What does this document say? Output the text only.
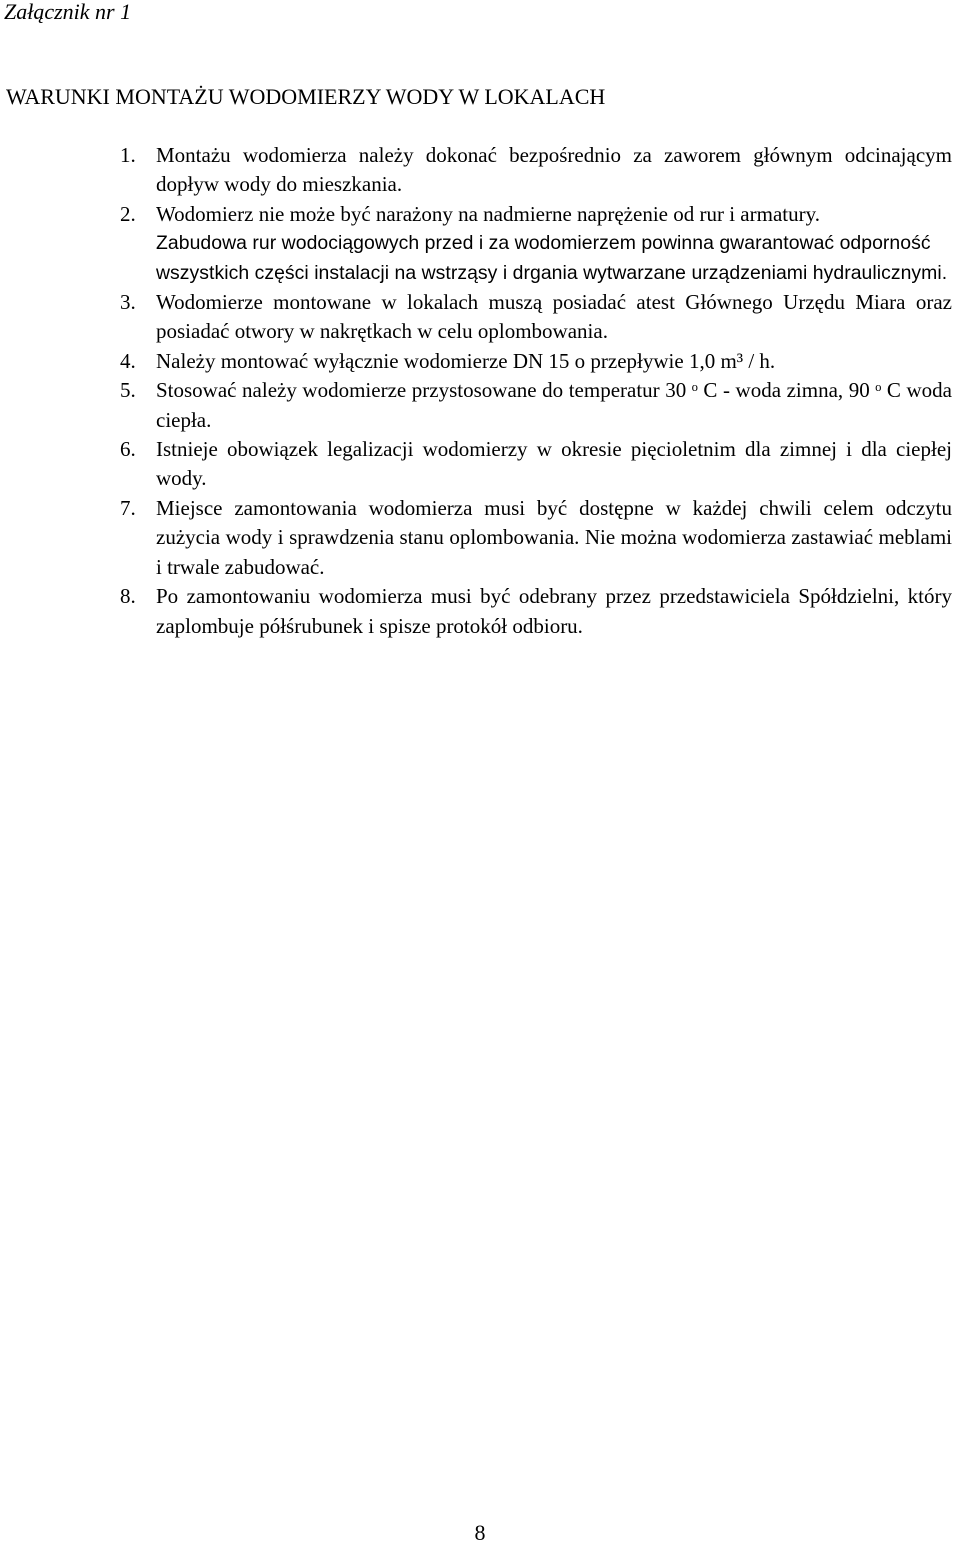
Załącznik nr 1
WARUNKI MONTAŻU WODOMIERZY WODY W LOKALACH
1. Montażu wodomierza należy dokonać bezpośrednio za zaworem głównym odcinającym dopływ wody do mieszkania.
2. Wodomierz nie może być narażony na nadmierne naprężenie od rur i armatury.
Zabudowa rur wodociągowych przed i za wodomierzem powinna gwarantować odporność wszystkich części instalacji na wstrząsy i drgania wytwarzane urządzeniami hydraulicznymi.
3. Wodomierze montowane w lokalach muszą posiadać atest Głównego Urzędu Miara oraz posiadać otwory w nakrętkach w celu oplombowania.
4. Należy montować wyłącznie wodomierze DN 15 o przepływie 1,0 m³ / h.
5. Stosować należy wodomierze przystosowane do temperatur 30 ᵒ C - woda zimna, 90 ᵒ C woda ciepła.
6. Istnieje obowiązek legalizacji wodomierzy w okresie pięcioletnim dla zimnej i dla ciepłej wody.
7. Miejsce zamontowania wodomierza musi być dostępne w każdej chwili celem odczytu zużycia wody i sprawdzenia stanu oplombowania. Nie można wodomierza zastawiać meblami i trwale zabudować.
8. Po zamontowaniu wodomierza musi być odebrany przez przedstawiciela Spółdzielni, który zaplombuje półśrubunek i spisze protokół odbioru.
8
